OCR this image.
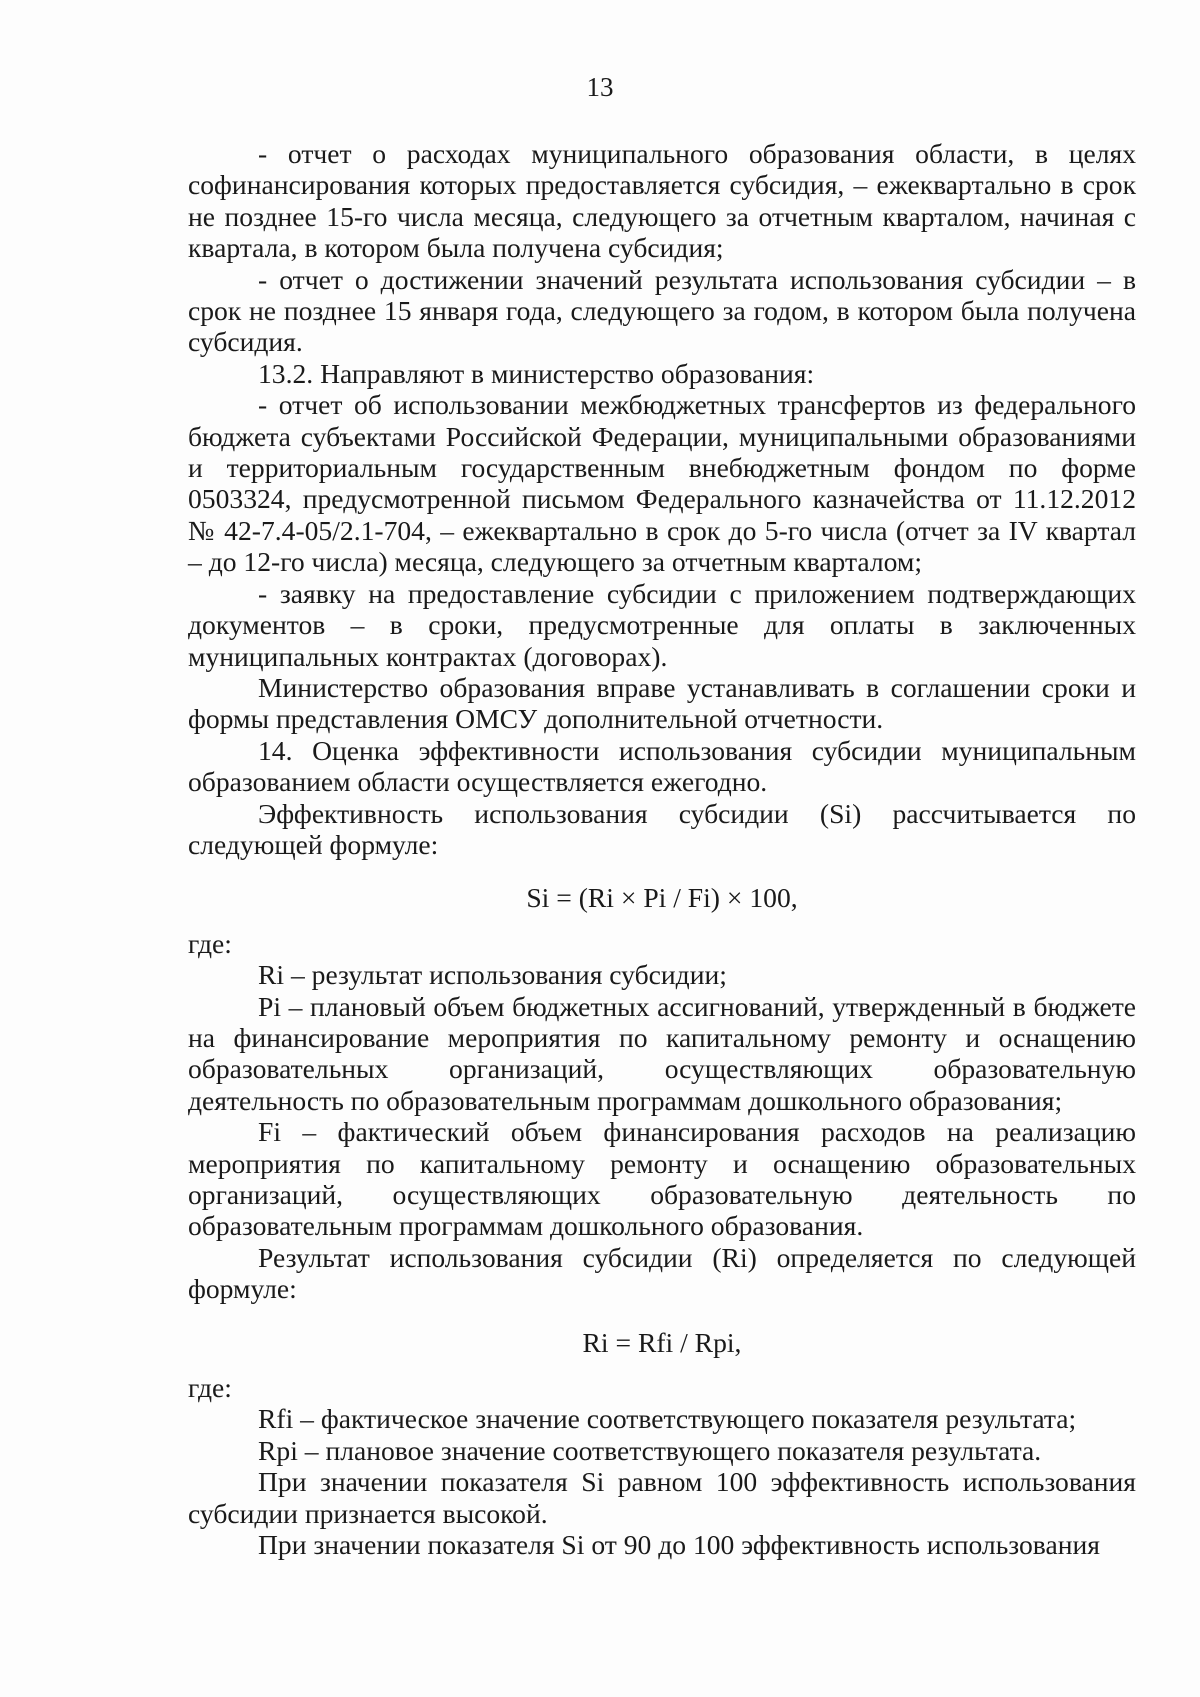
13

- отчет о расходах муниципального образования области, в целях софинансирования которых предоставляется субсидия, – ежеквартально в срок не позднее 15-го числа месяца, следующего за отчетным кварталом, начиная с квартала, в котором была получена субсидия;

- отчет о достижении значений результата использования субсидии – в срок не позднее 15 января года, следующего за годом, в котором была получена субсидия.

13.2. Направляют в министерство образования:

- отчет об использовании межбюджетных трансфертов из федерального бюджета субъектами Российской Федерации, муниципальными образованиями и территориальным государственным внебюджетным фондом по форме 0503324, предусмотренной письмом Федерального казначейства от 11.12.2012 № 42-7.4-05/2.1-704, – ежеквартально в срок до 5-го числа (отчет за IV квартал – до 12-го числа) месяца, следующего за отчетным кварталом;

- заявку на предоставление субсидии с приложением подтверждающих документов – в сроки, предусмотренные для оплаты в заключенных муниципальных контрактах (договорах).

Министерство образования вправе устанавливать в соглашении сроки и формы представления ОМСУ дополнительной отчетности.

14. Оценка эффективности использования субсидии муниципальным образованием области осуществляется ежегодно.

Эффективность использования субсидии (Si) рассчитывается по следующей формуле:

Si = (Ri × Pi / Fi) × 100,

где:

Ri – результат использования субсидии;

Pi – плановый объем бюджетных ассигнований, утвержденный в бюджете на финансирование мероприятия по капитальному ремонту и оснащению образовательных организаций, осуществляющих образовательную деятельность по образовательным программам дошкольного образования;

Fi – фактический объем финансирования расходов на реализацию мероприятия по капитальному ремонту и оснащению образовательных организаций, осуществляющих образовательную деятельность по образовательным программам дошкольного образования.

Результат использования субсидии (Ri) определяется по следующей формуле:

Ri = Rfi / Rpi,

где:

Rfi – фактическое значение соответствующего показателя результата;

Rpi – плановое значение соответствующего показателя результата.

При значении показателя Si равном 100 эффективность использования субсидии признается высокой.

При значении показателя Si от 90 до 100 эффективность использования
